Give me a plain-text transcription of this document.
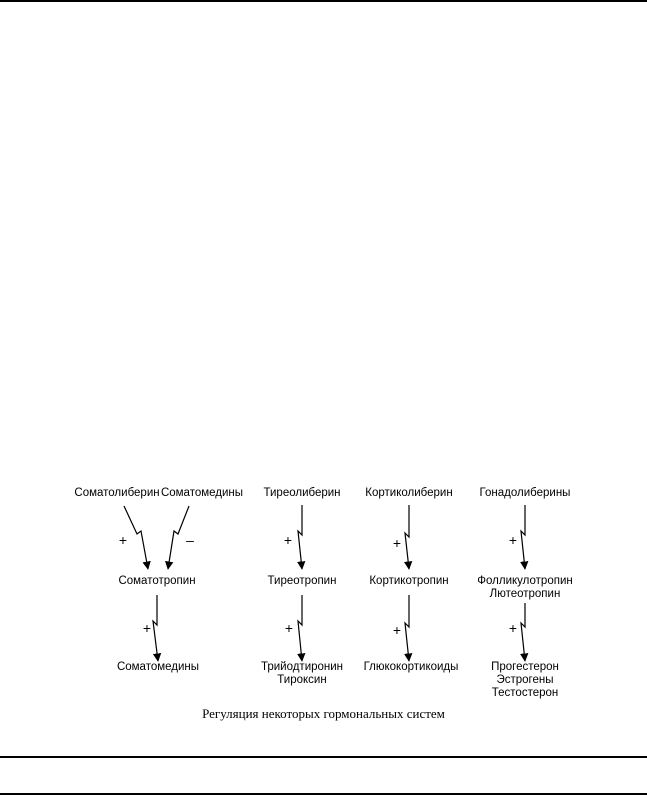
Соматолиберин Соматомедины
+	–
Соматотропин
+
Соматомедины
Тиреолиберин
+
Тиреотропин
+
Трийодтиронин
Тироксин
Кортиколиберин
+
Кортикотропин
+
Глюкокортикоиды
Гонадолиберины
+
Фолликулотропин
Лютеотропин
+
Прогестерон
Эстрогены
Тестостерон
Регуляция некоторых гормональных систем
